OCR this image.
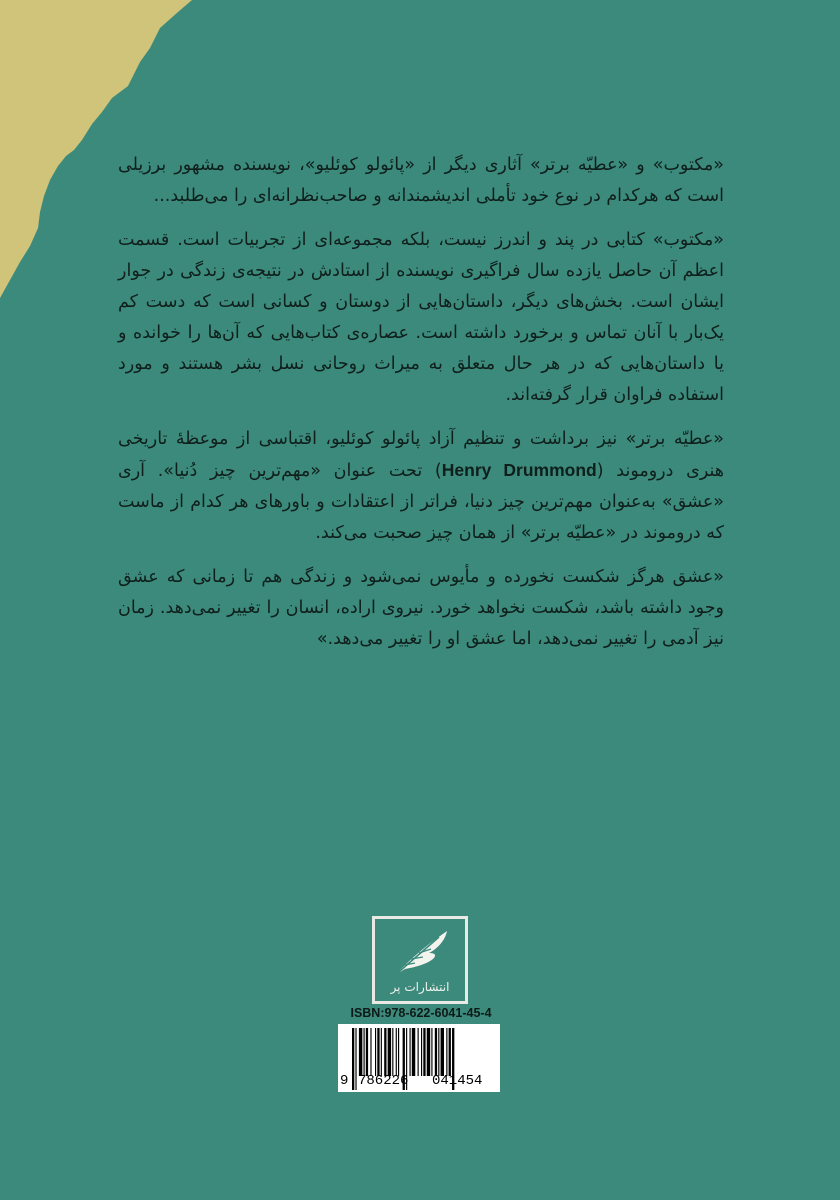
«مکتوب» و «عطیّه برتر» آثاری دیگر از «پائولو کوئلیو»، نویسنده مشهور برزیلی است که هرکدام در نوع خود تأملی اندیشمندانه و صاحب‌نظرانه‌ای را می‌طلبد...

«مکتوب» کتابی در پند و اندرز نیست، بلکه مجموعه‌ای از تجربیات است. قسمت اعظم آن حاصل یازده سال فراگیری نویسنده از استادش در نتیجه‌ی زندگی در جوار ایشان است. بخش‌های دیگر، داستان‌هایی از دوستان و کسانی است که دست کم یک‌بار با آنان تماس و برخورد داشته است. عصاره‌ی کتاب‌هایی که آن‌ها را خوانده و یا داستان‌هایی که در هر حال متعلق به میراث روحانی نسل بشر هستند و مورد استفاده فراوان قرار گرفته‌اند.

«عطیّه برتر» نیز برداشت و تنظیم آزاد پائولو کوئلیو، اقتباسی از موعظهٔ تاریخی هنری دروموند (Henry Drummond) تحت عنوان «مهم‌ترین چیز دُنیا». آری «عشق» به‌عنوان مهم‌ترین چیز دنیا، فراتر از اعتقادات و باورهای هر کدام از ماست که دروموند در «عطیّه برتر» از همان چیز صحبت می‌کند.

«عشق هرگز شکست نخورده و مأیوس نمی‌شود و زندگی هم تا زمانی که عشق وجود داشته باشد، شکست نخواهد خورد. نیروی اراده، انسان را تغییر نمی‌دهد. زمان نیز آدمی را تغییر نمی‌دهد، اما عشق او را تغییر می‌دهد.»

انتشارات پر
ISBN:978-622-6041-45-4
9 786226 041454
